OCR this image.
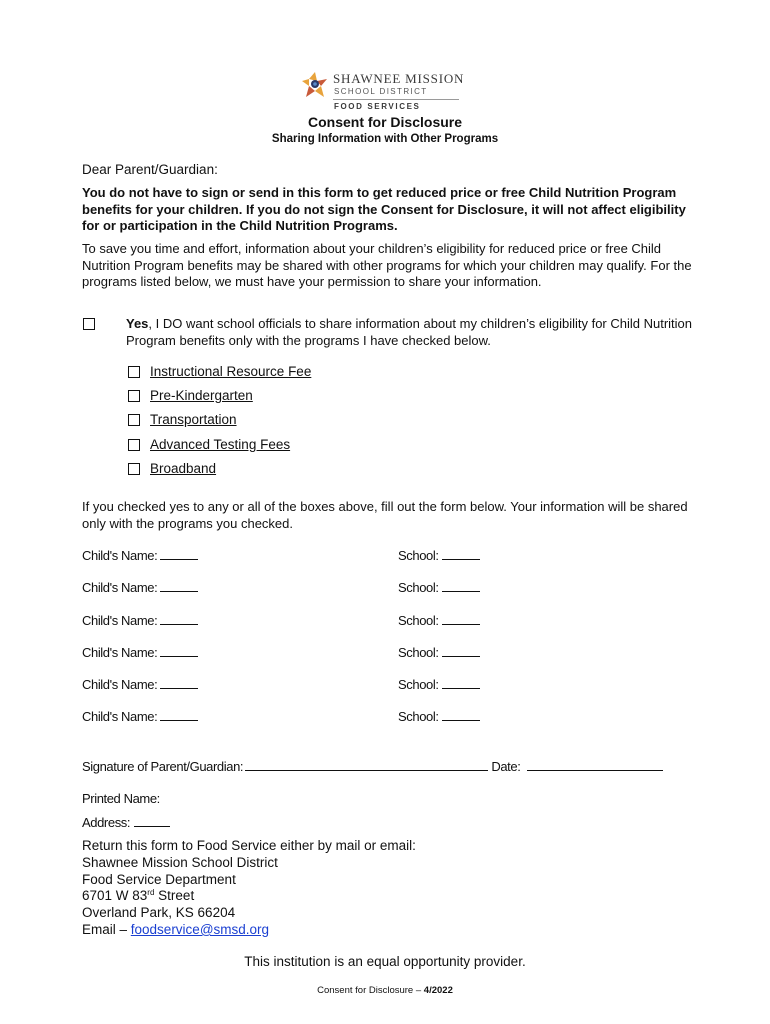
SHAWNEE MISSION
SCHOOL DISTRICT
FOOD SERVICES
Consent for Disclosure
Sharing Information with Other Programs
Dear Parent/Guardian:
You do not have to sign or send in this form to get reduced price or free Child Nutrition Program benefits for your children. If you do not sign the Consent for Disclosure, it will not affect eligibility for or participation in the Child Nutrition Programs.
To save you time and effort, information about your children’s eligibility for reduced price or free Child Nutrition Program benefits may be shared with other programs for which your children may qualify. For the programs listed below, we must have your permission to share your information.
Yes, I DO want school officials to share information about my children’s eligibility for Child Nutrition Program benefits only with the programs I have checked below.
Instructional Resource Fee
Pre-Kindergarten
Transportation
Advanced Testing Fees
Broadband
If you checked yes to any or all of the boxes above, fill out the form below. Your information will be shared only with the programs you checked.
Child's Name:	School:
Child's Name:	School:
Child's Name:	School:
Child's Name:	School:
Child's Name:	School:
Child's Name:	School:
Signature of Parent/Guardian:	Date:
Printed Name:
Address:
Return this form to Food Service either by mail or email:
Shawnee Mission School District
Food Service Department
6701 W 83rd Street
Overland Park, KS 66204
Email – foodservice@smsd.org
This institution is an equal opportunity provider.
Consent for Disclosure – 4/2022
